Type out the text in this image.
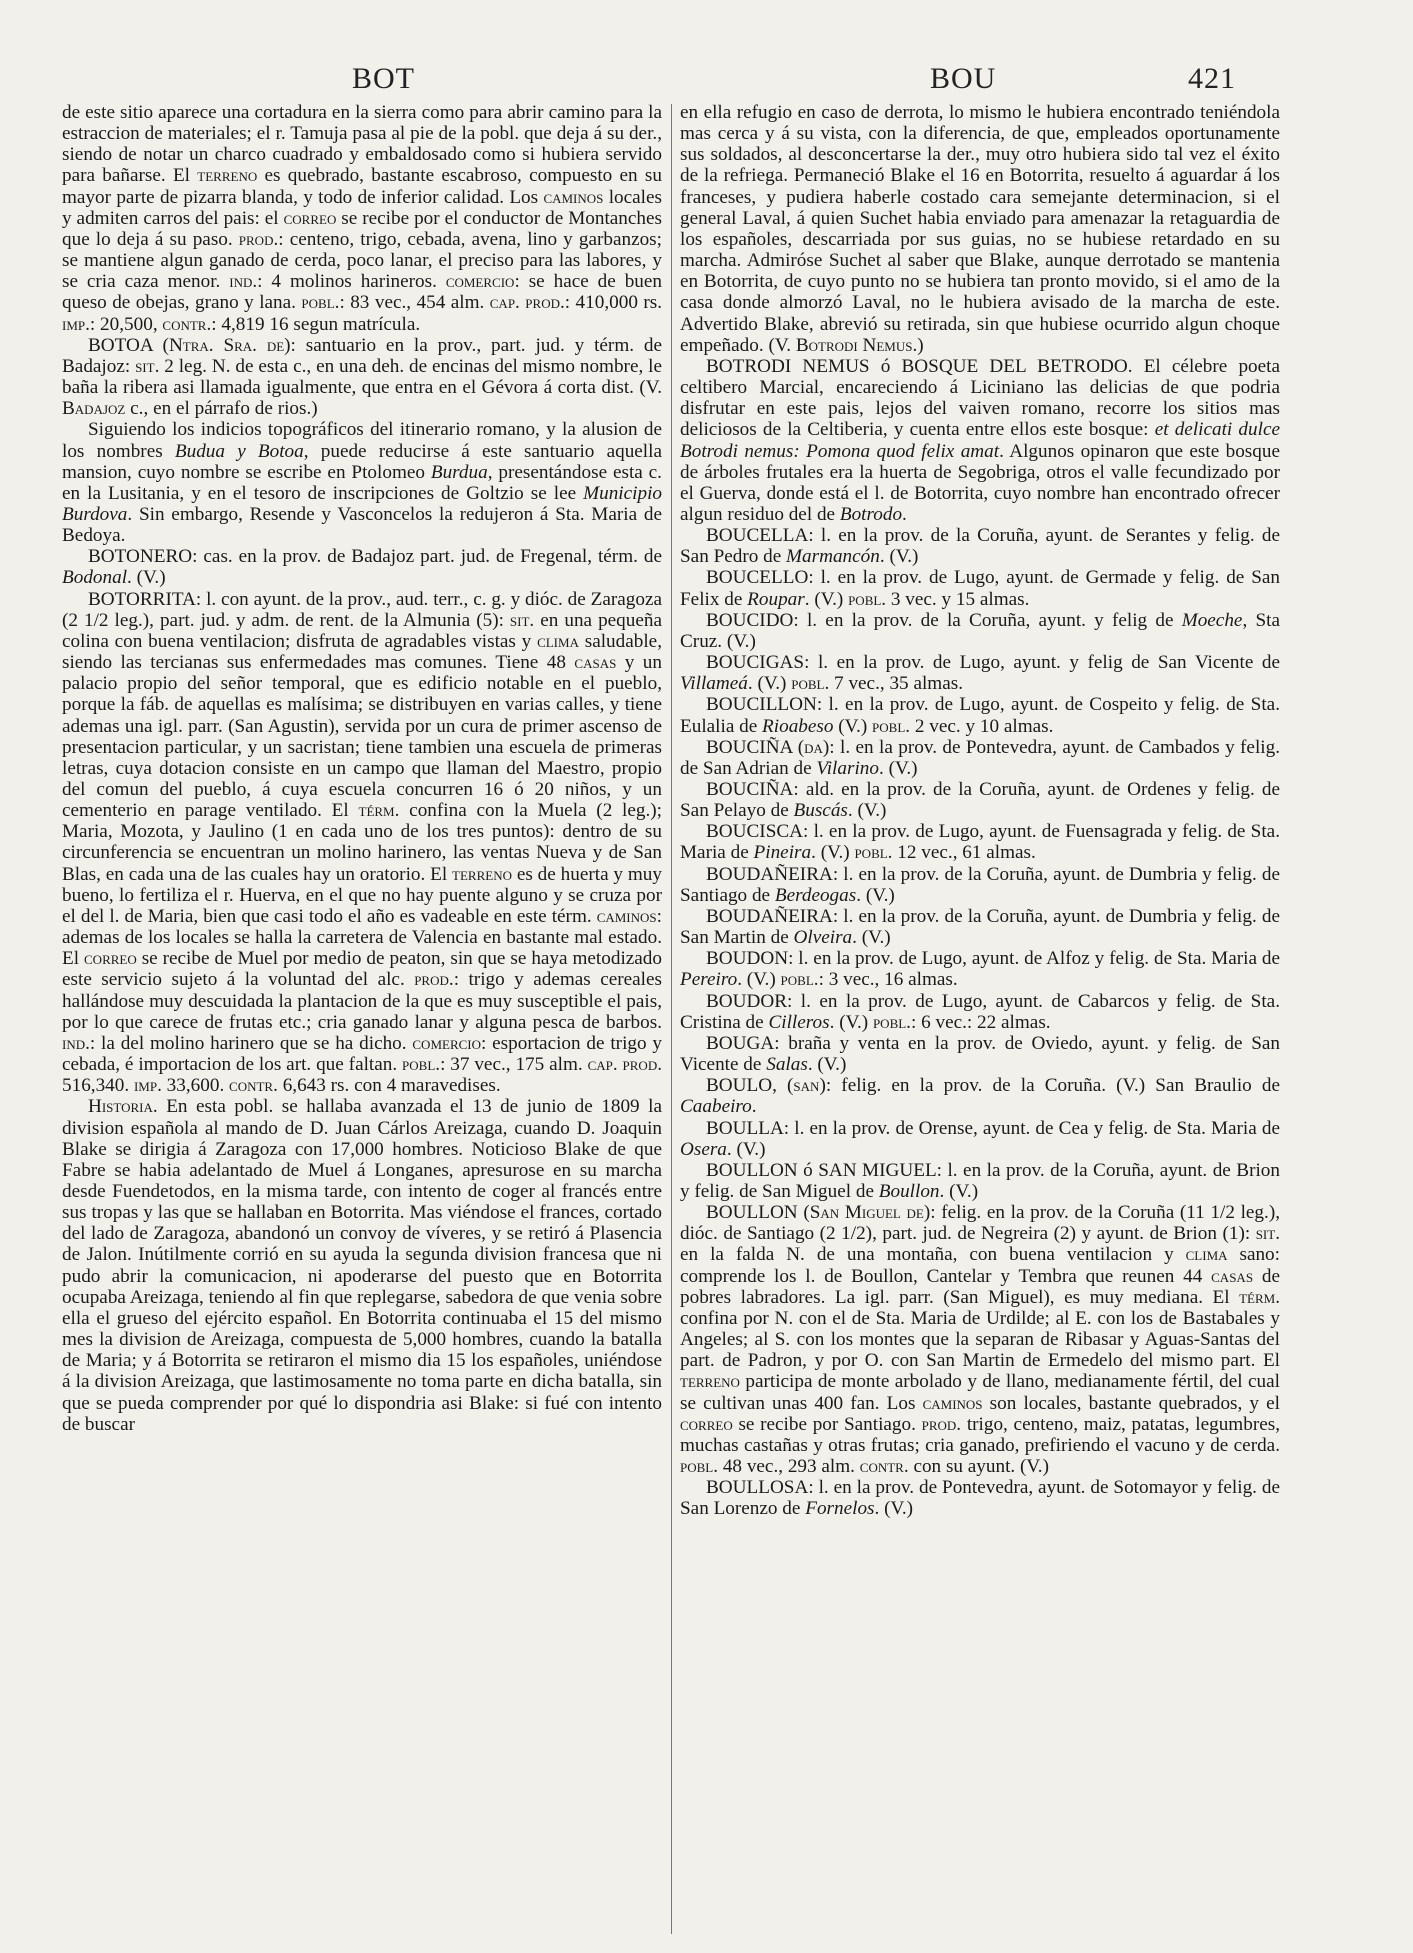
BOT	BOU	421

de este sitio aparece una cortadura en la sierra como para abrir camino para la estraccion de materiales; el r. Tamuja pasa al pie de la pobl. que deja á su der., siendo de notar un charco cuadrado y embaldosado como si hubiera servido para bañarse. El terreno es quebrado, bastante escabroso, compuesto en su mayor parte de pizarra blanda, y todo de inferior calidad. Los caminos locales y admiten carros del pais: el correo se recibe por el conductor de Montanches que lo deja á su paso. prod.: centeno, trigo, cebada, avena, lino y garbanzos; se mantiene algun ganado de cerda, poco lanar, el preciso para las labores, y se cria caza menor. ind.: 4 molinos harineros. comercio: se hace de buen queso de obejas, grano y lana. pobl.: 83 vec., 454 alm. cap. prod.: 410,000 rs. imp.: 20,500, contr.: 4,819 16 segun matrícula.

BOTOA (Ntra. Sra. de): santuario en la prov., part. jud. y térm. de Badajoz: sit. 2 leg. N. de esta c., en una deh. de encinas del mismo nombre, le baña la ribera asi llamada igualmente, que entra en el Gévora á corta dist. (V. Badajoz c., en el párrafo de rios.)

Siguiendo los indicios topográficos del itinerario romano, y la alusion de los nombres Budua y Botoa, puede reducirse á este santuario aquella mansion, cuyo nombre se escribe en Ptolomeo Burdua, presentándose esta c. en la Lusitania, y en el tesoro de inscripciones de Goltzio se lee Municipio Burdova. Sin embargo, Resende y Vasconcelos la redujeron á Sta. Maria de Bedoya.

BOTONERO: cas. en la prov. de Badajoz part. jud. de Fregenal, térm. de Bodonal. (V.)

BOTORRITA: l. con ayunt. de la prov., aud. terr., c. g. y dióc. de Zaragoza (2 1/2 leg.), part. jud. y adm. de rent. de la Almunia (5): sit. en una pequeña colina con buena ventilacion; disfruta de agradables vistas y clima saludable, siendo las tercianas sus enfermedades mas comunes. Tiene 48 casas y un palacio propio del señor temporal, que es edificio notable en el pueblo, porque la fáb. de aquellas es malísima; se distribuyen en varias calles, y tiene ademas una igl. parr. (San Agustin), servida por un cura de primer ascenso de presentacion particular, y un sacristan; tiene tambien una escuela de primeras letras, cuya dotacion consiste en un campo que llaman del Maestro, propio del comun del pueblo, á cuya escuela concurren 16 ó 20 niños, y un cementerio en parage ventilado. El térm. confina con la Muela (2 leg.); Maria, Mozota, y Jaulino (1 en cada uno de los tres puntos): dentro de su circunferencia se encuentran un molino harinero, las ventas Nueva y de San Blas, en cada una de las cuales hay un oratorio. El terreno es de huerta y muy bueno, lo fertiliza el r. Huerva, en el que no hay puente alguno y se cruza por el del l. de Maria, bien que casi todo el año es vadeable en este térm. caminos: ademas de los locales se halla la carretera de Valencia en bastante mal estado. El correo se recibe de Muel por medio de peaton, sin que se haya metodizado este servicio sujeto á la voluntad del alc. prod.: trigo y ademas cereales hallándose muy descuidada la plantacion de la que es muy susceptible el pais, por lo que carece de frutas etc.; cria ganado lanar y alguna pesca de barbos. ind.: la del molino harinero que se ha dicho. comercio: esportacion de trigo y cebada, é importacion de los art. que faltan. pobl.: 37 vec., 175 alm. cap. prod. 516,340. imp. 33,600. contr. 6,643 rs. con 4 maravedises.

Historia. En esta pobl. se hallaba avanzada el 13 de junio de 1809 la division española al mando de D. Juan Cárlos Areizaga, cuando D. Joaquin Blake se dirigia á Zaragoza con 17,000 hombres. Noticioso Blake de que Fabre se habia adelantado de Muel á Longanes, apresurose en su marcha desde Fuendetodos, en la misma tarde, con intento de coger al francés entre sus tropas y las que se hallaban en Botorrita. Mas viéndose el frances, cortado del lado de Zaragoza, abandonó un convoy de víveres, y se retiró á Plasencia de Jalon. Inútilmente corrió en su ayuda la segunda division francesa que ni pudo abrir la comunicacion, ni apoderarse del puesto que en Botorrita ocupaba Areizaga, teniendo al fin que replegarse, sabedora de que venia sobre ella el grueso del ejército español. En Botorrita continuaba el 15 del mismo mes la division de Areizaga, compuesta de 5,000 hombres, cuando la batalla de Maria; y á Botorrita se retiraron el mismo dia 15 los españoles, uniéndose á la division Areizaga, que lastimosamente no toma parte en dicha batalla, sin que se pueda comprender por qué lo dispondria asi Blake: si fué con intento de buscar

en ella refugio en caso de derrota, lo mismo le hubiera encontrado teniéndola mas cerca y á su vista, con la diferencia, de que, empleados oportunamente sus soldados, al desconcertarse la der., muy otro hubiera sido tal vez el éxito de la refriega. Permaneció Blake el 16 en Botorrita, resuelto á aguardar á los franceses, y pudiera haberle costado cara semejante determinacion, si el general Laval, á quien Suchet habia enviado para amenazar la retaguardia de los españoles, descarriada por sus guias, no se hubiese retardado en su marcha. Admiróse Suchet al saber que Blake, aunque derrotado se mantenia en Botorrita, de cuyo punto no se hubiera tan pronto movido, si el amo de la casa donde almorzó Laval, no le hubiera avisado de la marcha de este. Advertido Blake, abrevió su retirada, sin que hubiese ocurrido algun choque empeñado. (V. Botrodi Nemus.)

BOTRODI NEMUS ó BOSQUE DEL BETRODO. El célebre poeta celtibero Marcial, encareciendo á Liciniano las delicias de que podria disfrutar en este pais, lejos del vaiven romano, recorre los sitios mas deliciosos de la Celtiberia, y cuenta entre ellos este bosque: et delicati dulce Botrodi nemus: Pomona quod felix amat. Algunos opinaron que este bosque de árboles frutales era la huerta de Segobriga, otros el valle fecundizado por el Guerva, donde está el l. de Botorrita, cuyo nombre han encontrado ofrecer algun residuo del de Botrodo.

BOUCELLA: l. en la prov. de la Coruña, ayunt. de Serantes y felig. de San Pedro de Marmancón. (V.)

BOUCELLO: l. en la prov. de Lugo, ayunt. de Germade y felig. de San Felix de Roupar. (V.) pobl. 3 vec. y 15 almas.

BOUCIDO: l. en la prov. de la Coruña, ayunt. y felig de Moeche, Sta Cruz. (V.)

BOUCIGAS: l. en la prov. de Lugo, ayunt. y felig de San Vicente de Villameá. (V.) pobl. 7 vec., 35 almas.

BOUCILLON: l. en la prov. de Lugo, ayunt. de Cospeito y felig. de Sta. Eulalia de Rioabeso (V.) pobl. 2 vec. y 10 almas.

BOUCIÑA (da): l. en la prov. de Pontevedra, ayunt. de Cambados y felig. de San Adrian de Vilarino. (V.)

BOUCIÑA: ald. en la prov. de la Coruña, ayunt. de Ordenes y felig. de San Pelayo de Buscás. (V.)

BOUCISCA: l. en la prov. de Lugo, ayunt. de Fuensagrada y felig. de Sta. Maria de Pineira. (V.) pobl. 12 vec., 61 almas.

BOUDAÑEIRA: l. en la prov. de la Coruña, ayunt. de Dumbria y felig. de Santiago de Berdeogas. (V.)

BOUDAÑEIRA: l. en la prov. de la Coruña, ayunt. de Dumbria y felig. de San Martin de Olveira. (V.)

BOUDON: l. en la prov. de Lugo, ayunt. de Alfoz y felig. de Sta. Maria de Pereiro. (V.) pobl.: 3 vec., 16 almas.

BOUDOR: l. en la prov. de Lugo, ayunt. de Cabarcos y felig. de Sta. Cristina de Cilleros. (V.) pobl.: 6 vec.: 22 almas.

BOUGA: braña y venta en la prov. de Oviedo, ayunt. y felig. de San Vicente de Salas. (V.)

BOULO, (san): felig. en la prov. de la Coruña. (V.) San Braulio de Caabeiro.

BOULLA: l. en la prov. de Orense, ayunt. de Cea y felig. de Sta. Maria de Osera. (V.)

BOULLON ó SAN MIGUEL: l. en la prov. de la Coruña, ayunt. de Brion y felig. de San Miguel de Boullon. (V.)

BOULLON (San Miguel de): felig. en la prov. de la Coruña (11 1/2 leg.), dióc. de Santiago (2 1/2), part. jud. de Negreira (2) y ayunt. de Brion (1): sit. en la falda N. de una montaña, con buena ventilacion y clima sano: comprende los l. de Boullon, Cantelar y Tembra que reunen 44 casas de pobres labradores. La igl. parr. (San Miguel), es muy mediana. El térm. confina por N. con el de Sta. Maria de Urdilde; al E. con los de Bastabales y Angeles; al S. con los montes que la separan de Ribasar y Aguas-Santas del part. de Padron, y por O. con San Martin de Ermedelo del mismo part. El terreno participa de monte arbolado y de llano, medianamente fértil, del cual se cultivan unas 400 fan. Los caminos son locales, bastante quebrados, y el correo se recibe por Santiago. prod. trigo, centeno, maiz, patatas, legumbres, muchas castañas y otras frutas; cria ganado, prefiriendo el vacuno y de cerda. pobl. 48 vec., 293 alm. contr. con su ayunt. (V.)

BOULLOSA: l. en la prov. de Pontevedra, ayunt. de Sotomayor y felig. de San Lorenzo de Fornelos. (V.)
